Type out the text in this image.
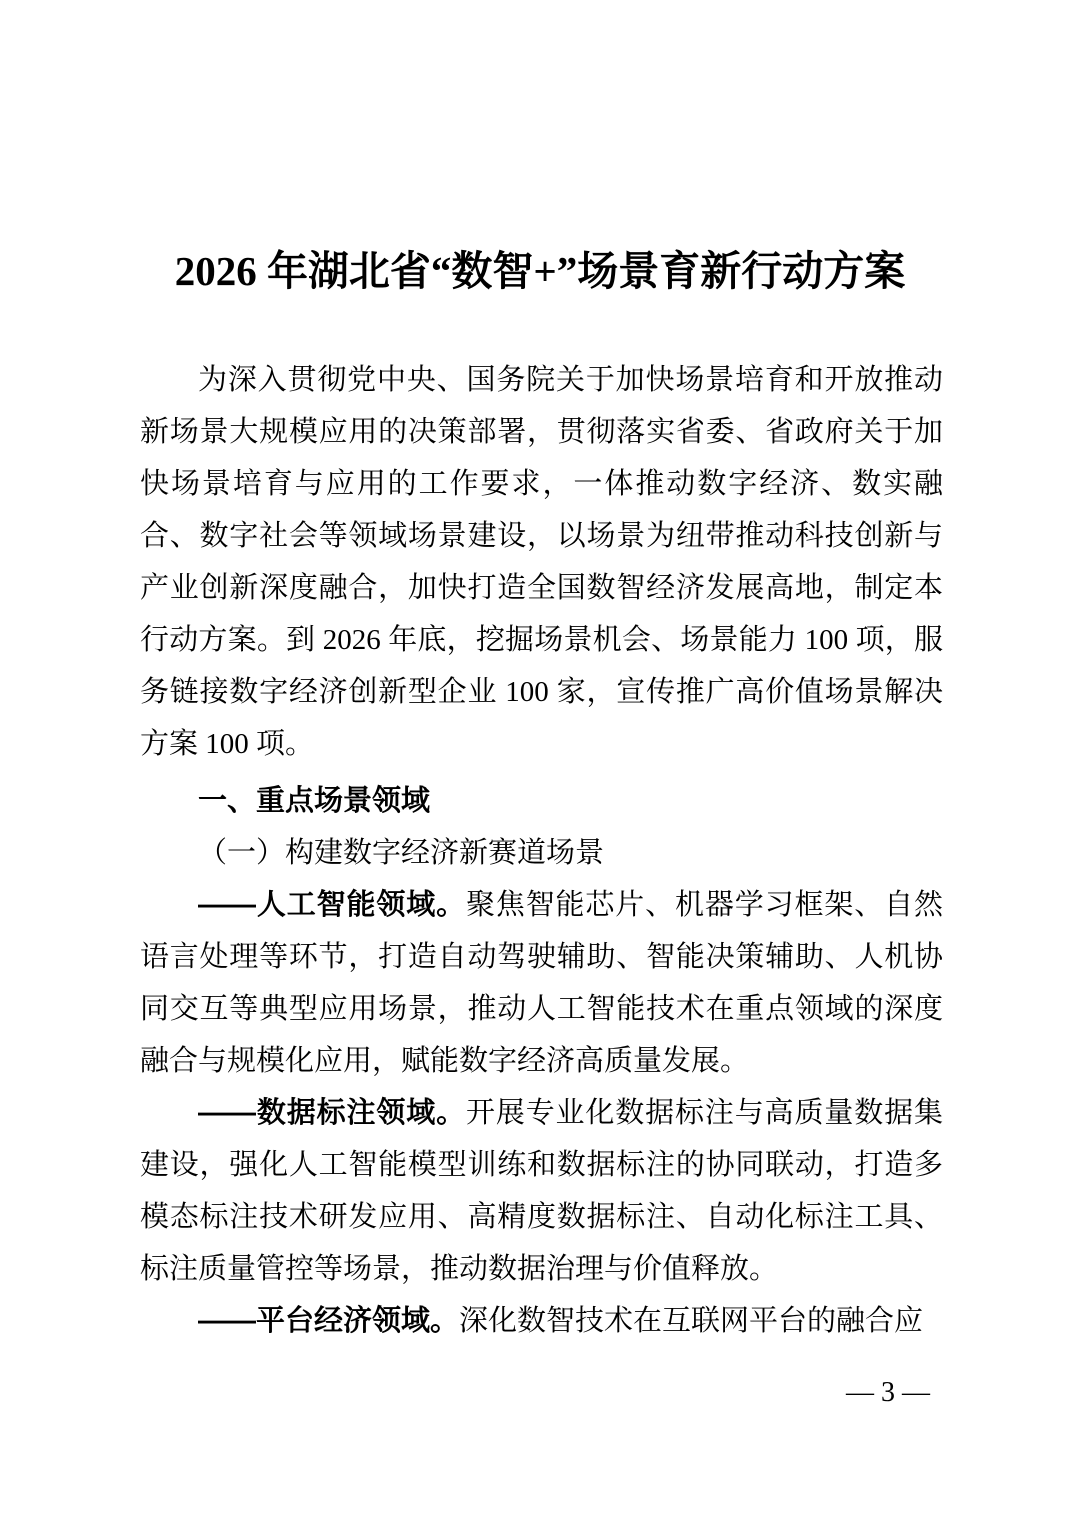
2026 年湖北省“数智+”场景育新行动方案

为深入贯彻党中央、国务院关于加快场景培育和开放推动新场景大规模应用的决策部署，贯彻落实省委、省政府关于加快场景培育与应用的工作要求，一体推动数字经济、数实融合、数字社会等领域场景建设，以场景为纽带推动科技创新与产业创新深度融合，加快打造全国数智经济发展高地，制定本行动方案。到 2026 年底，挖掘场景机会、场景能力 100 项，服务链接数字经济创新型企业 100 家，宣传推广高价值场景解决方案 100 项。

一、重点场景领域
（一）构建数字经济新赛道场景

——人工智能领域。聚焦智能芯片、机器学习框架、自然语言处理等环节，打造自动驾驶辅助、智能决策辅助、人机协同交互等典型应用场景，推动人工智能技术在重点领域的深度融合与规模化应用，赋能数字经济高质量发展。

——数据标注领域。开展专业化数据标注与高质量数据集建设，强化人工智能模型训练和数据标注的协同联动，打造多模态标注技术研发应用、高精度数据标注、自动化标注工具、标注质量管控等场景，推动数据治理与价值释放。

——平台经济领域。深化数智技术在互联网平台的融合应

— 3 —
